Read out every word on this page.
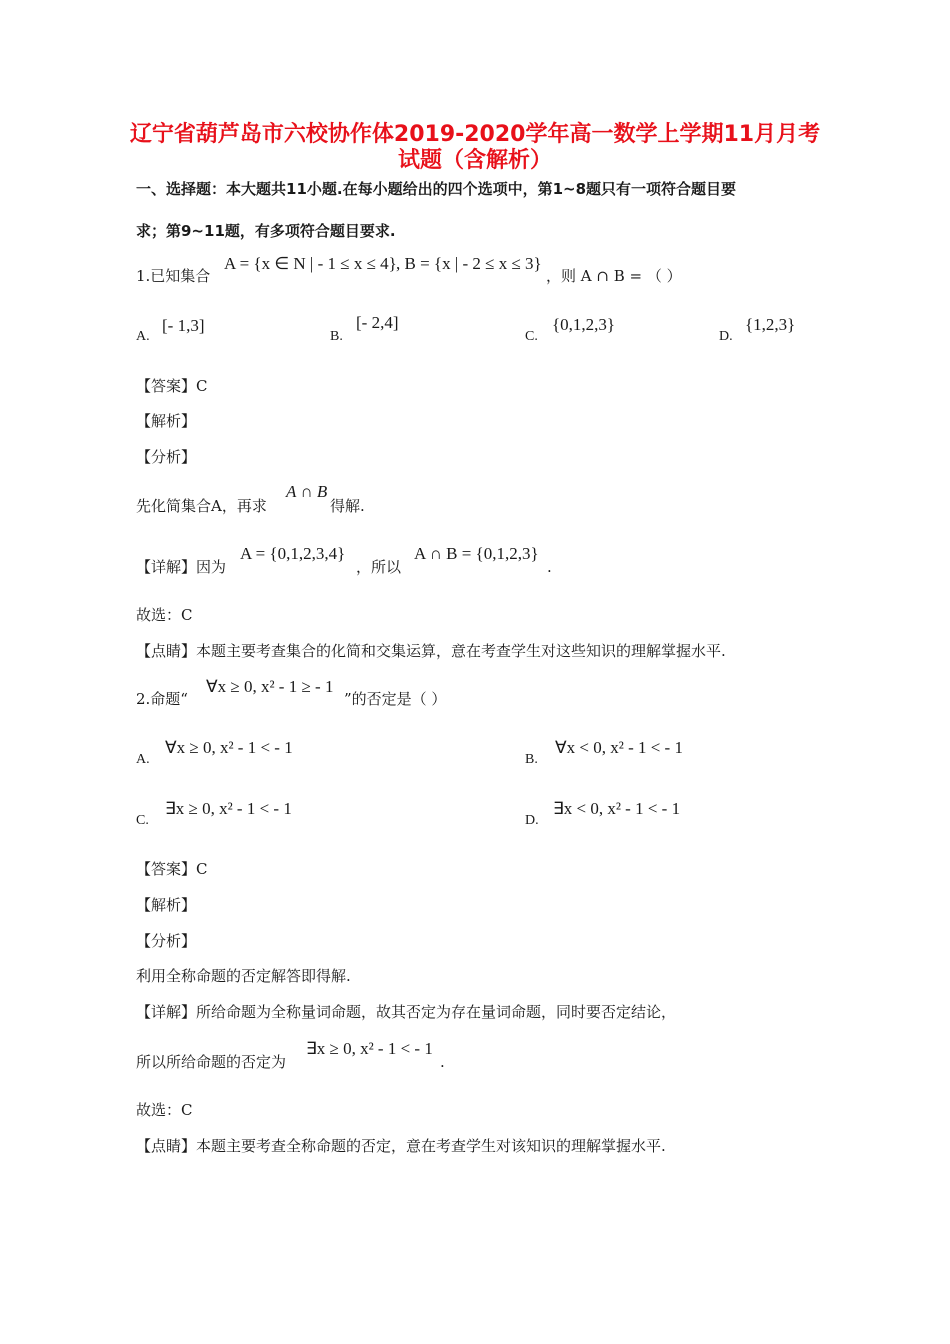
辽宁省葫芦岛市六校协作体2019-2020学年高一数学上学期11月月考
试题（含解析）
一、选择题：本大题共11小题.在每小题给出的四个选项中，第1~8题只有一项符合题目要
求；第9~11题，有多项符合题目要求.
1.已知集合
A = {x ∈ N | - 1 ≤ x ≤ 4} , B = {x | - 2 ≤ x ≤ 3}
，则 A ∩ B = （ ）
A.
[- 1,3]
B.
[- 2,4]
C.
{0,1,2,3}
D.
{1,2,3}
【答案】C
【解析】
【分析】
先化简集合A，再求
A ∩ B
得解.
【详解】因为
A = {0,1,2,3,4}
，所以
A ∩ B = {0,1,2,3}
.
故选：C
【点睛】本题主要考查集合的化简和交集运算，意在考查学生对这些知识的理解掌握水平.
2.命题“
∀x ≥ 0, x² - 1 ≥ - 1
”的否定是（ ）
A.
∀x ≥ 0, x² - 1 < - 1
B.
∀x < 0, x² - 1 < - 1
C.
∃x ≥ 0, x² - 1 < - 1
D.
∃x < 0, x² - 1 < - 1
【答案】C
【解析】
【分析】
利用全称命题的否定解答即得解.
【详解】所给命题为全称量词命题，故其否定为存在量词命题，同时要否定结论，
所以所给命题的否定为
∃x ≥ 0, x² - 1 < - 1
.
故选：C
【点睛】本题主要考查全称命题的否定，意在考查学生对该知识的理解掌握水平.
